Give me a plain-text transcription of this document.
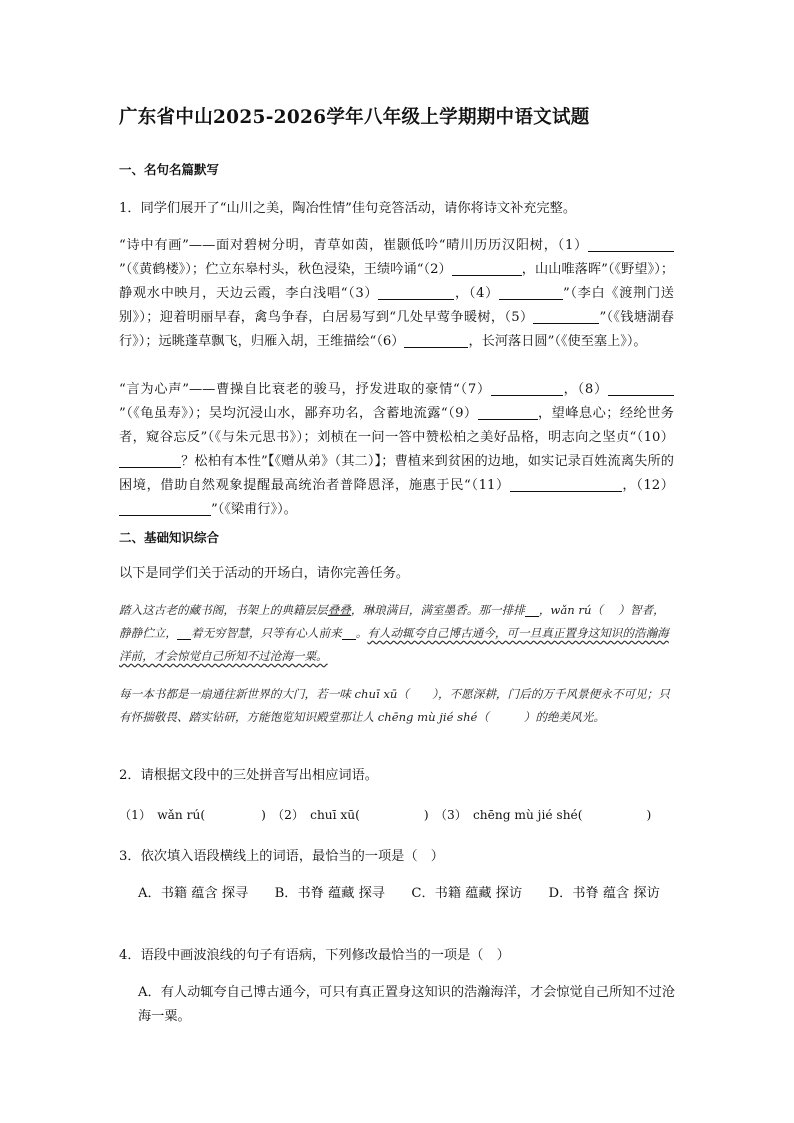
广东省中山2025-2026学年八年级上学期期中语文试题
一、名句名篇默写
1．同学们展开了“山川之美，陶冶性情”佳句竞答活动，请你将诗文补充完整。
“诗中有画”——面对碧树分明，青草如茵，崔颢低吟“晴川历历汉阳树，（1）”（《黄鹤楼》）；伫立东皋村头，秋色浸染，王绩吟诵“（2）	，山山唯落晖”（《野望》）；静观水中映月，天边云霞，李白浅唱“（3）	，（4）	”（李白《渡荆门送别》）；迎着明丽早春，禽鸟争春，白居易写到“几处早莺争暖树，（5）	”（《钱塘湖春行》）；远眺蓬草飘飞，归雁入胡，王维描绘“（6）	，长河落日圆”（《使至塞上》）。
“言为心声”——曹操自比衰老的骏马，抒发进取的豪情“（7）	，（8）”（《龟虽寿》）；吴均沉浸山水，鄙弃功名，含蓄地流露“（9）	，望峰息心；经纶世务者，窥谷忘反”（《与朱元思书》）；刘桢在一问一答中赞松柏之美好品格，明志向之坚贞“（10）？松柏有本性”【《赠从弟》（其二）】；曹植来到贫困的边地，如实记录百姓流离失所的困境，借助自然观象提醒最高统治者普降恩泽，施惠于民“（11）	，（12）”（《梁甫行》）。
二、基础知识综合
以下是同学们关于活动的开场白，请你完善任务。
踏入这古老的藏书阁，书架上的典籍层层叠叠，琳琅满目，满室墨香。那一排排 ，wǎn rú（　 ）智者，静静伫立， 着无穷智慧，只等有心人前来 。有人动辄夸自己博古通今，可一旦真正置身这知识的浩瀚海洋前，才会惊觉自己所知不过沧海一粟。
每一本书都是一扇通往新世界的大门，若一味 chuī xū（　　），不愿深耕，门后的万千风景便永不可见；只有怀揣敬畏、踏实钻研，方能饱览知识殿堂那让人 chēng mù jié shé（　　　）的绝美风光。
2．请根据文段中的三处拼音写出相应词语。
（1）　wǎn rú(	)　（2）　chuī xū(	)　（3）　chēng mù jié shé(	)
3．依次填入语段横线上的词语，最恰当的一项是（　）
A．书籍 蕴含 探寻　　B．书脊 蕴藏 探寻　　C．书籍 蕴藏 探访　　D．书脊 蕴含 探访
4．语段中画波浪线的句子有语病，下列修改最恰当的一项是（　）
A．有人动辄夸自己博古通今，可只有真正置身这知识的浩瀚海洋，才会惊觉自己所知不过沧海一粟。
